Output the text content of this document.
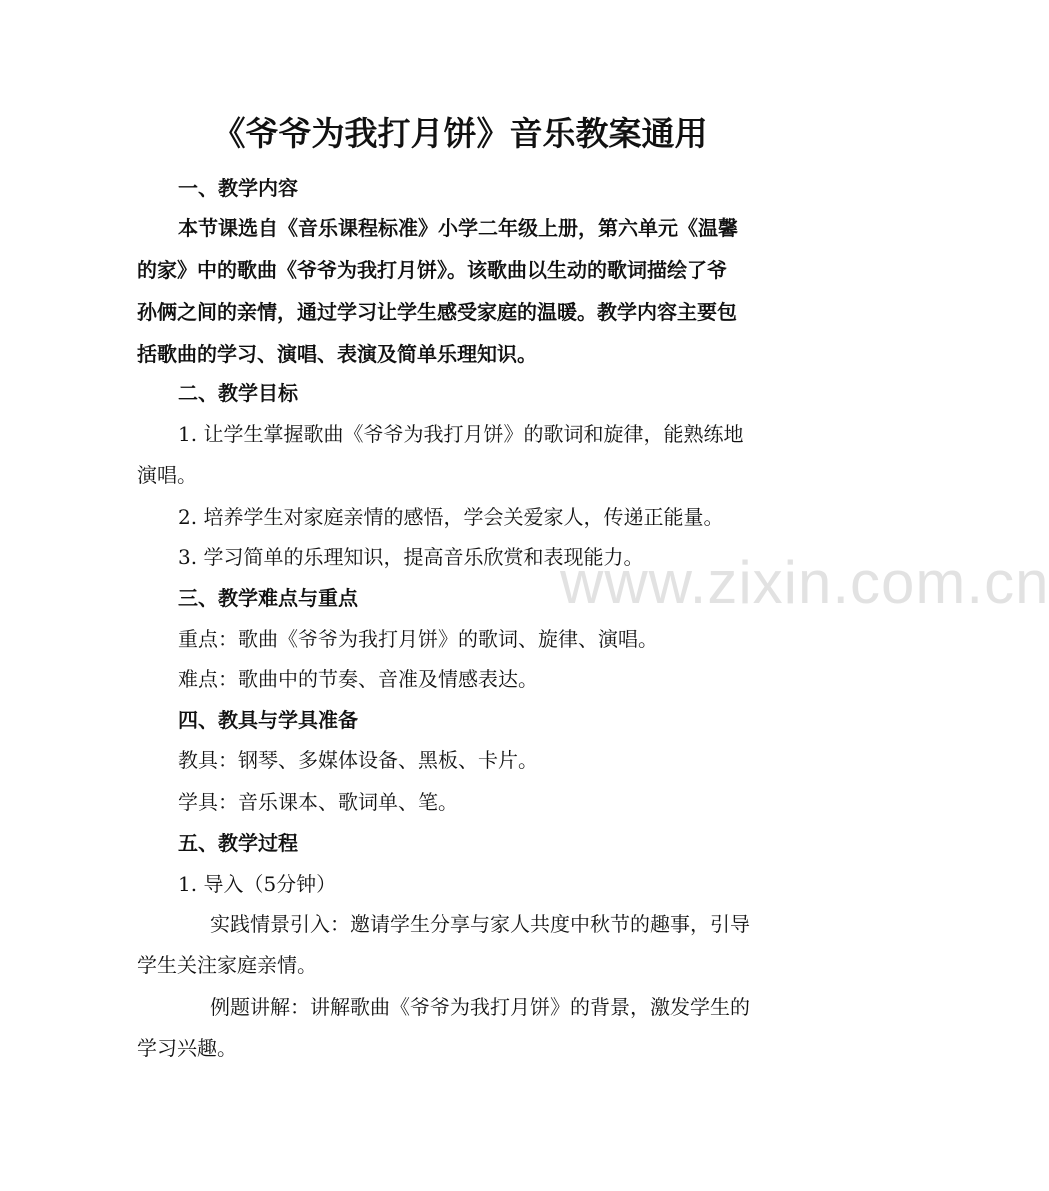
《爷爷为我打月饼》音乐教案通用
一、教学内容
本节课选自《音乐课程标准》小学二年级上册，第六单元《温馨
的家》中的歌曲《爷爷为我打月饼》。该歌曲以生动的歌词描绘了爷
孙俩之间的亲情，通过学习让学生感受家庭的温暖。教学内容主要包
括歌曲的学习、演唱、表演及简单乐理知识。
二、教学目标
1. 让学生掌握歌曲《爷爷为我打月饼》的歌词和旋律，能熟练地
演唱。
2. 培养学生对家庭亲情的感悟，学会关爱家人，传递正能量。
3. 学习简单的乐理知识，提高音乐欣赏和表现能力。
三、教学难点与重点
重点：歌曲《爷爷为我打月饼》的歌词、旋律、演唱。
难点：歌曲中的节奏、音准及情感表达。
四、教具与学具准备
教具：钢琴、多媒体设备、黑板、卡片。
学具：音乐课本、歌词单、笔。
五、教学过程
1. 导入（5分钟）
实践情景引入：邀请学生分享与家人共度中秋节的趣事，引导
学生关注家庭亲情。
例题讲解：讲解歌曲《爷爷为我打月饼》的背景，激发学生的
学习兴趣。
www.zixin.com.cn
